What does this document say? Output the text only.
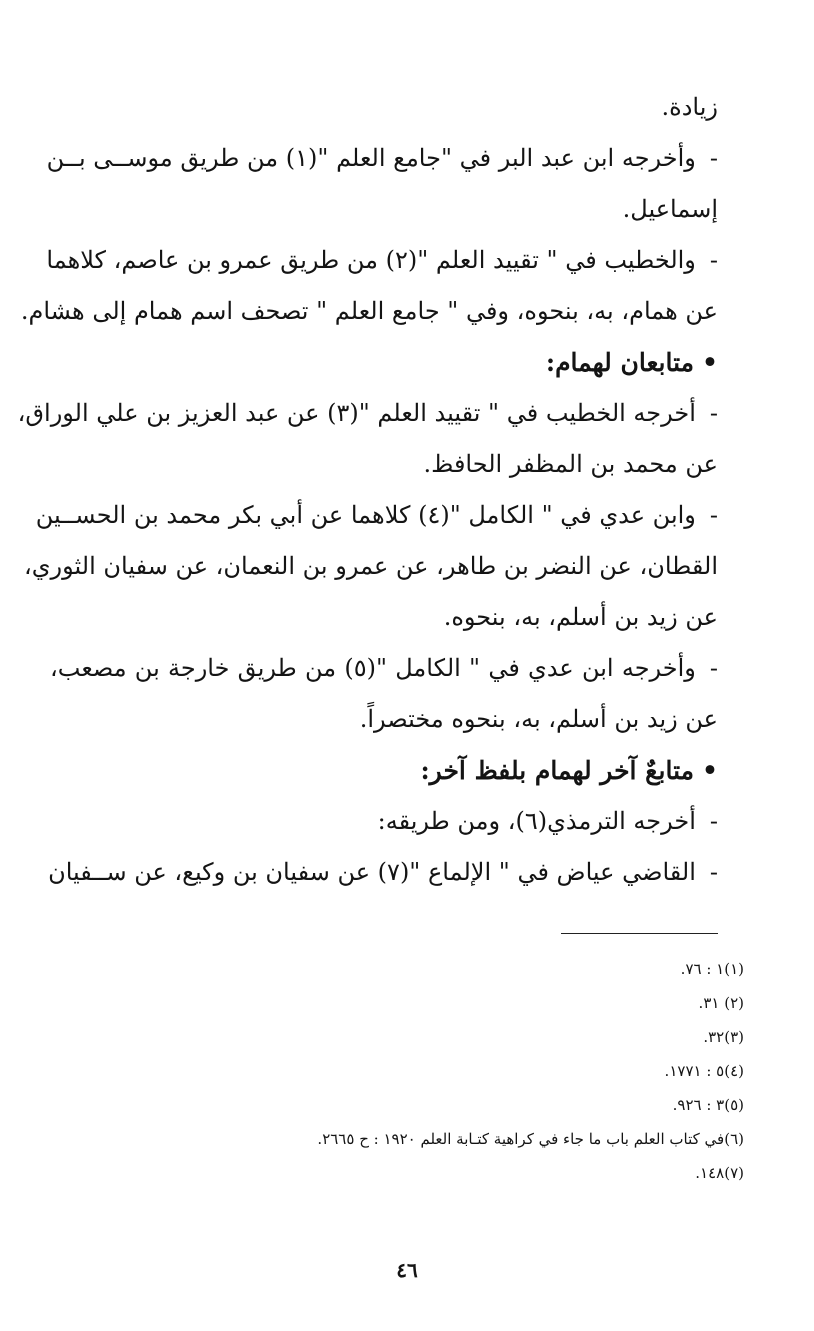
زيادة.
-وأخرجه ابن عبد البر في "جامع العلم "(١) من طريق موســى بــن
إسماعيل.
-والخطيب في " تقييد العلم "(٢) من طريق عمرو بن عاصم، كلاهما
عن همام، به، بنحوه، وفي " جامع العلم " تصحف اسم همام إلى هشام.
•متابعان لهمام:
-أخرجه الخطيب في " تقييد العلم "(٣) عن عبد العزيز بن علي الوراق،
عن محمد بن المظفر الحافظ.
-وابن عدي في " الكامل "(٤) كلاهما عن أبي بكر محمد بن الحســين
القطان، عن النضر بن طاهر، عن عمرو بن النعمان، عن سفيان الثوري،
عن زيد بن أسلم، به، بنحوه.
-وأخرجه ابن عدي في " الكامل "(٥) من طريق خارجة بن مصعب،
عن زيد بن أسلم، به، بنحوه مختصراً.
•متابعٌ آخر لهمام بلفظ آخر:
-أخرجه الترمذي(٦)، ومن طريقه:
-القاضي عياض في " الإلماع "(٧) عن سفيان بن وكيع، عن ســفيان
(١)١ : ٧٦.
(٢) ٣١.
(٣)٣٢.
(٤)٥ : ١٧٧١.
(٥)٣ : ٩٢٦.
(٦)في كتاب العلم باب ما جاء في كراهية كتـابة العلم ١٩٢٠ : ح ٢٦٦٥.
(٧)١٤٨.
٤٦
